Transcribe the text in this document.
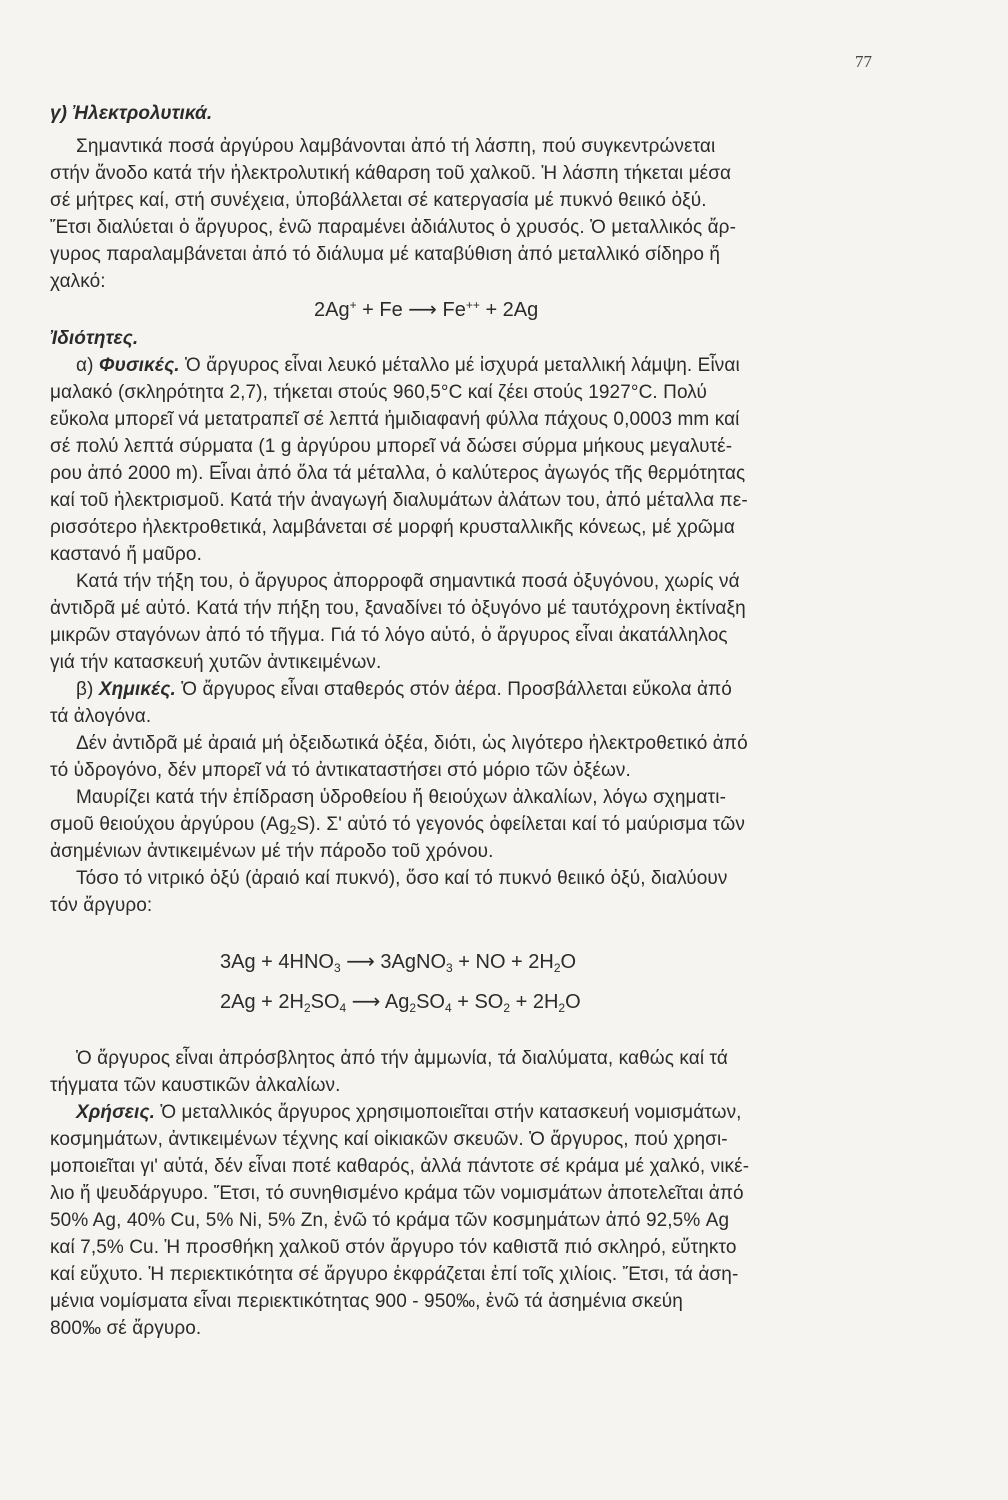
77
γ) Ἠλεκτρολυτικά.
Σημαντικά ποσά ἀργύρου λαμβάνονται ἀπό τή λάσπη, πού συγκεντρώνεται
στήν ἄνοδο κατά τήν ἠλεκτρολυτική κάθαρση τοῦ χαλκοῦ. Ἡ λάσπη τήκεται μέσα
σέ μήτρες καί, στή συνέχεια, ὑποβάλλεται σέ κατεργασία μέ πυκνό θειικό ὀξύ.
Ἔτσι διαλύεται ὁ ἄργυρος, ἐνῶ παραμένει ἀδιάλυτος ὁ χρυσός. Ὁ μεταλλικός ἄρ-
γυρος παραλαμβάνεται ἀπό τό διάλυμα μέ καταβύθιση ἀπό μεταλλικό σίδηρο ἤ
χαλκό:
2Ag+ + Fe ⟶ Fe++ + 2Ag
Ἰδιότητες.
α) Φυσικές. Ὁ ἄργυρος εἶναι λευκό μέταλλο μέ ἰσχυρά μεταλλική λάμψη. Εἶναι
μαλακό (σκληρότητα 2,7), τήκεται στούς 960,5°C καί ζέει στούς 1927°C. Πολύ
εὔκολα μπορεῖ νά μετατραπεῖ σέ λεπτά ἡμιδιαφανή φύλλα πάχους 0,0003 mm καί
σέ πολύ λεπτά σύρματα (1 g ἀργύρου μπορεῖ νά δώσει σύρμα μήκους μεγαλυτέ-
ρου ἀπό 2000 m). Εἶναι ἀπό ὅλα τά μέταλλα, ὁ καλύτερος ἀγωγός τῆς θερμότητας
καί τοῦ ἠλεκτρισμοῦ. Κατά τήν ἀναγωγή διαλυμάτων ἀλάτων του, ἀπό μέταλλα πε-
ρισσότερο ἠλεκτροθετικά, λαμβάνεται σέ μορφή κρυσταλλικῆς κόνεως, μέ χρῶμα
καστανό ἤ μαῦρο.
Κατά τήν τήξη του, ὁ ἄργυρος ἀπορροφᾶ σημαντικά ποσά ὀξυγόνου, χωρίς νά
ἀντιδρᾶ μέ αὐτό. Κατά τήν πήξη του, ξαναδίνει τό ὀξυγόνο μέ ταυτόχρονη ἐκτίναξη
μικρῶν σταγόνων ἀπό τό τῆγμα. Γιά τό λόγο αὐτό, ὁ ἄργυρος εἶναι ἀκατάλληλος
γιά τήν κατασκευή χυτῶν ἀντικειμένων.
β) Χημικές. Ὁ ἄργυρος εἶναι σταθερός στόν ἀέρα. Προσβάλλεται εὔκολα ἀπό
τά ἀλογόνα.
Δέν ἀντιδρᾶ μέ ἀραιά μή ὀξειδωτικά ὀξέα, διότι, ὡς λιγότερο ἠλεκτροθετικό ἀπό
τό ὑδρογόνο, δέν μπορεῖ νά τό ἀντικαταστήσει στό μόριο τῶν ὀξέων.
Μαυρίζει κατά τήν ἐπίδραση ὑδροθείου ἤ θειούχων ἀλκαλίων, λόγω σχηματι-
σμοῦ θειούχου ἀργύρου $(Ag_2S)$. Σ' αὐτό τό γεγονός ὀφείλεται καί τό μαύρισμα τῶν
ἀσημένιων ἀντικειμένων μέ τήν πάροδο τοῦ χρόνου.
Τόσο τό νιτρικό ὀξύ (ἀραιό καί πυκνό), ὅσο καί τό πυκνό θειικό ὀξύ, διαλύουν
τόν ἄργυρο:
$3Ag + 4HNO_3$ ⟶ 3AgNO$_3$ + NO + $2H_2O$
$2Ag + 2H_2SO_4$ ⟶ $Ag_2SO_4 + SO_2 + 2H_2O$
Ὁ ἄργυρος εἶναι ἀπρόσβλητος ἀπό τήν ἀμμωνία, τά διαλύματα, καθώς καί τά
τήγματα τῶν καυστικῶν ἀλκαλίων.
Χρήσεις. Ὁ μεταλλικός ἄργυρος χρησιμοποιεῖται στήν κατασκευή νομισμάτων,
κοσμημάτων, ἀντικειμένων τέχνης καί οἰκιακῶν σκευῶν. Ὁ ἄργυρος, πού χρησι-
μοποιεῖται γι' αὐτά, δέν εἶναι ποτέ καθαρός, ἀλλά πάντοτε σέ κράμα μέ χαλκό, νικέ-
λιο ἤ ψευδάργυρο. Ἔτσι, τό συνηθισμένο κράμα τῶν νομισμάτων ἀποτελεῖται ἀπό
50% Ag, 40% Cu, 5% Ni, 5% Zn, ἐνῶ τό κράμα τῶν κοσμημάτων ἀπό 92,5% Ag
καί 7,5% Cu. Ἡ προσθήκη χαλκοῦ στόν ἄργυρο τόν καθιστᾶ πιό σκληρό, εὔτηκτο
καί εὔχυτο. Ἡ περιεκτικότητα σέ ἄργυρο ἐκφράζεται ἐπί τοῖς χιλίοις. Ἔτσι, τά ἀση-
μένια νομίσματα εἶναι περιεκτικότητας 900 - 950‰, ἐνῶ τά ἀσημένια σκεύη
800‰ σέ ἄργυρο.
